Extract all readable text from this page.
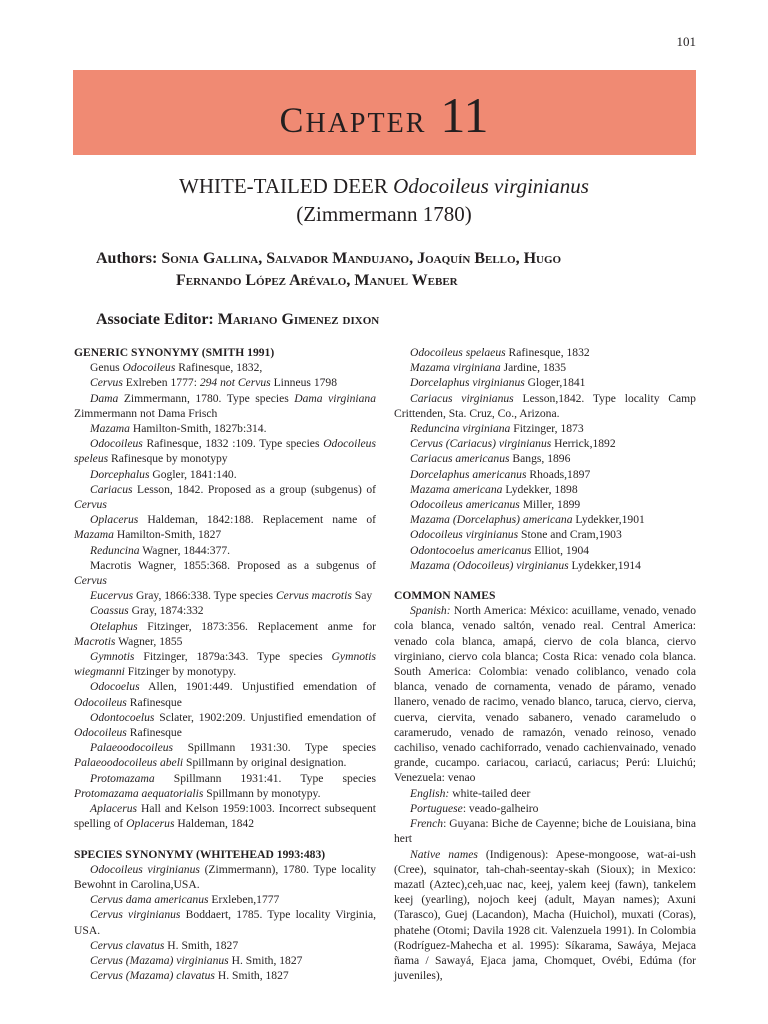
101
CHAPTER 11
WHITE-TAILED DEER Odocoileus virginianus
(Zimmermann 1780)
Authors: Sonia Gallina, Salvador Mandujano, Joaquín Bello, Hugo
Fernando López Arévalo, Manuel Weber
Associate Editor: Mariano Gimenez dixon

GENERIC SYNONYMY (SMITH 1991)

Genus Odocoileus Rafinesque, 1832,

Cervus Exlreben 1777: 294 not Cervus Linneus 1798

Dama Zimmermann, 1780. Type species Dama virginiana Zimmermann not Dama Frisch

Mazama Hamilton-Smith, 1827b:314.

Odocoileus Rafinesque, 1832 :109. Type species Odocoileus speleus Rafinesque by monotypy

Dorcephalus Gogler, 1841:140.

Cariacus Lesson, 1842. Proposed as a group (subgenus) of Cervus

Oplacerus Haldeman, 1842:188. Replacement name of Mazama Hamilton-Smith, 1827

Reduncina Wagner, 1844:377.

Macrotis Wagner, 1855:368. Proposed as a subgenus of Cervus

Eucervus Gray, 1866:338. Type species Cervus macrotis Say

Coassus Gray, 1874:332

Otelaphus Fitzinger, 1873:356. Replacement anme for Macrotis Wagner, 1855

Gymnotis Fitzinger, 1879a:343. Type species Gymnotis wiegmanni Fitzinger by monotypy.

Odocoelus Allen, 1901:449. Unjustified emendation of Odocoileus Rafinesque

Odontocoelus Sclater, 1902:209. Unjustified emendation of Odocoileus Rafinesque

Palaeoodocoileus Spillmann 1931:30. Type species Palaeoodocoileus abeli Spillmann by original designation.

Protomazama Spillmann 1931:41. Type species Protomazama aequatorialis Spillmann by monotypy.

Aplacerus Hall and Kelson 1959:1003. Incorrect subsequent spelling of Oplacerus Haldeman, 1842

SPECIES SYNONYMY (WHITEHEAD 1993:483)

Odocoileus virginianus (Zimmermann), 1780. Type locality Bewohnt in Carolina,USA.

Cervus dama americanus Erxleben,1777

Cervus virginianus Boddaert, 1785. Type locality Virginia, USA.

Cervus clavatus H. Smith, 1827

Cervus (Mazama) virginianus H. Smith, 1827

Cervus (Mazama) clavatus H. Smith, 1827

Odocoileus spelaeus Rafinesque, 1832

Mazama virginiana Jardine, 1835

Dorcelaphus virginianus Gloger,1841

Cariacus virginianus Lesson,1842. Type locality Camp Crittenden, Sta. Cruz, Co., Arizona.

Reduncina virginiana Fitzinger, 1873

Cervus (Cariacus) virginianus Herrick,1892

Cariacus americanus Bangs, 1896

Dorcelaphus americanus Rhoads,1897

Mazama americana Lydekker, 1898

Odocoileus americanus Miller, 1899

Mazama (Dorcelaphus) americana Lydekker,1901

Odocoileus virginianus Stone and Cram,1903

Odontocoelus americanus Elliot, 1904

Mazama (Odocoileus) virginianus Lydekker,1914

COMMON NAMES

Spanish: North America: México: acuillame, venado, venado cola blanca, venado saltón, venado real. Central America: venado cola blanca, amapá, ciervo de cola blanca, ciervo virginiano, ciervo cola blanca; Costa Rica: venado cola blanca. South America: Colombia: venado coliblanco, venado cola blanca, venado de cornamenta, venado de páramo, venado llanero, venado de racimo, venado blanco, taruca, ciervo, cierva, cuerva, ciervita, venado sabanero, venado carameludo o caramerudo, venado de ramazón, venado reinoso, venado cachiliso, venado cachiforrado, venado cachienvainado, venado grande, cucampo. cariacou, cariacú, cariacus; Perú: Lluichú; Venezuela: venao

English: white-tailed deer

Portuguese: veado-galheiro

French: Guyana: Biche de Cayenne; biche de Louisiana, bina hert

Native names (Indigenous): Apese-mongoose, wat-ai-ush (Cree), squinator, tah-chah-seentay-skah (Sioux); in Mexico: mazatl (Aztec),ceh,uac nac, keej, yalem keej (fawn), tankelem keej (yearling), nojoch keej (adult, Mayan names); Axuni (Tarasco), Guej (Lacandon), Macha (Huichol), muxati (Coras), phatehe (Otomi; Davila 1928 cit. Valenzuela 1991). In Colombia (Rodríguez-Mahecha et al. 1995): Síkarama, Sawáya, Mejaca ñama / Sawayá, Ejaca jama, Chomquet, Ovébi, Edúma (for juveniles),
